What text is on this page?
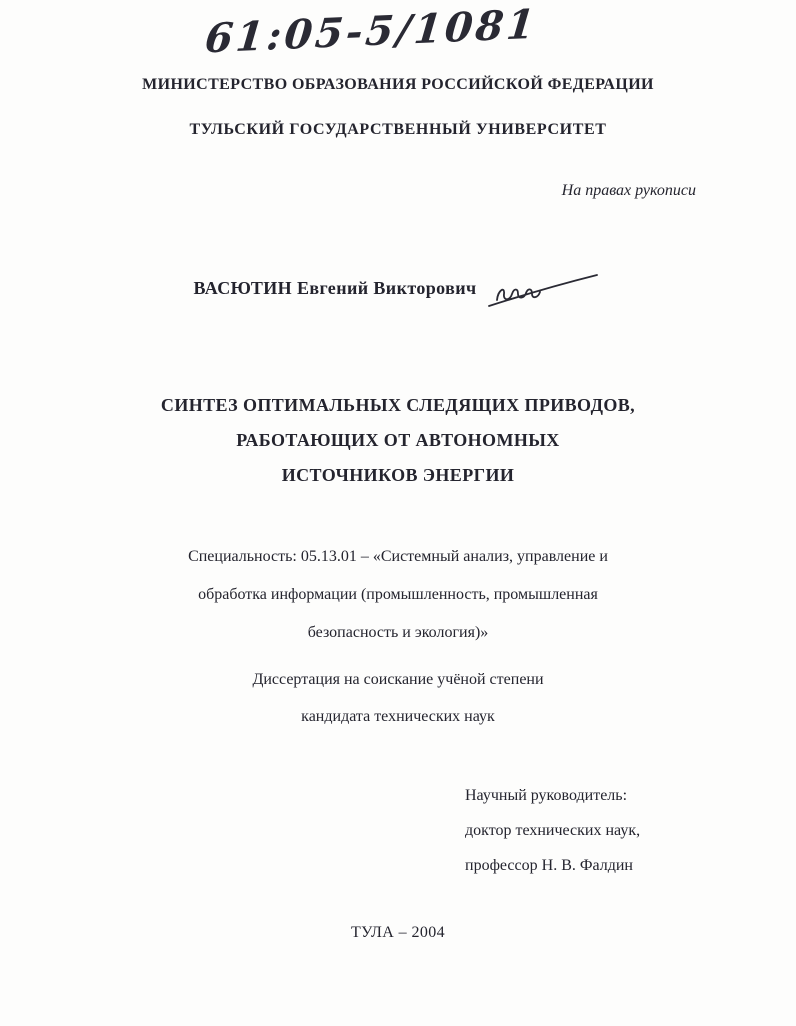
61:05-5/1081
МИНИСТЕРСТВО ОБРАЗОВАНИЯ РОССИЙСКОЙ ФЕДЕРАЦИИ
ТУЛЬСКИЙ ГОСУДАРСТВЕННЫЙ УНИВЕРСИТЕТ
На правах рукописи
ВАСЮТИН Евгений Викторович
СИНТЕЗ ОПТИМАЛЬНЫХ СЛЕДЯЩИХ ПРИВОДОВ,
РАБОТАЮЩИХ ОТ АВТОНОМНЫХ
ИСТОЧНИКОВ ЭНЕРГИИ
Специальность: 05.13.01 – «Системный анализ, управление и
обработка информации (промышленность, промышленная
безопасность и экология)»
Диссертация на соискание учёной степени
кандидата технических наук
Научный руководитель:
доктор технических наук,
профессор Н. В. Фалдин
ТУЛА – 2004
